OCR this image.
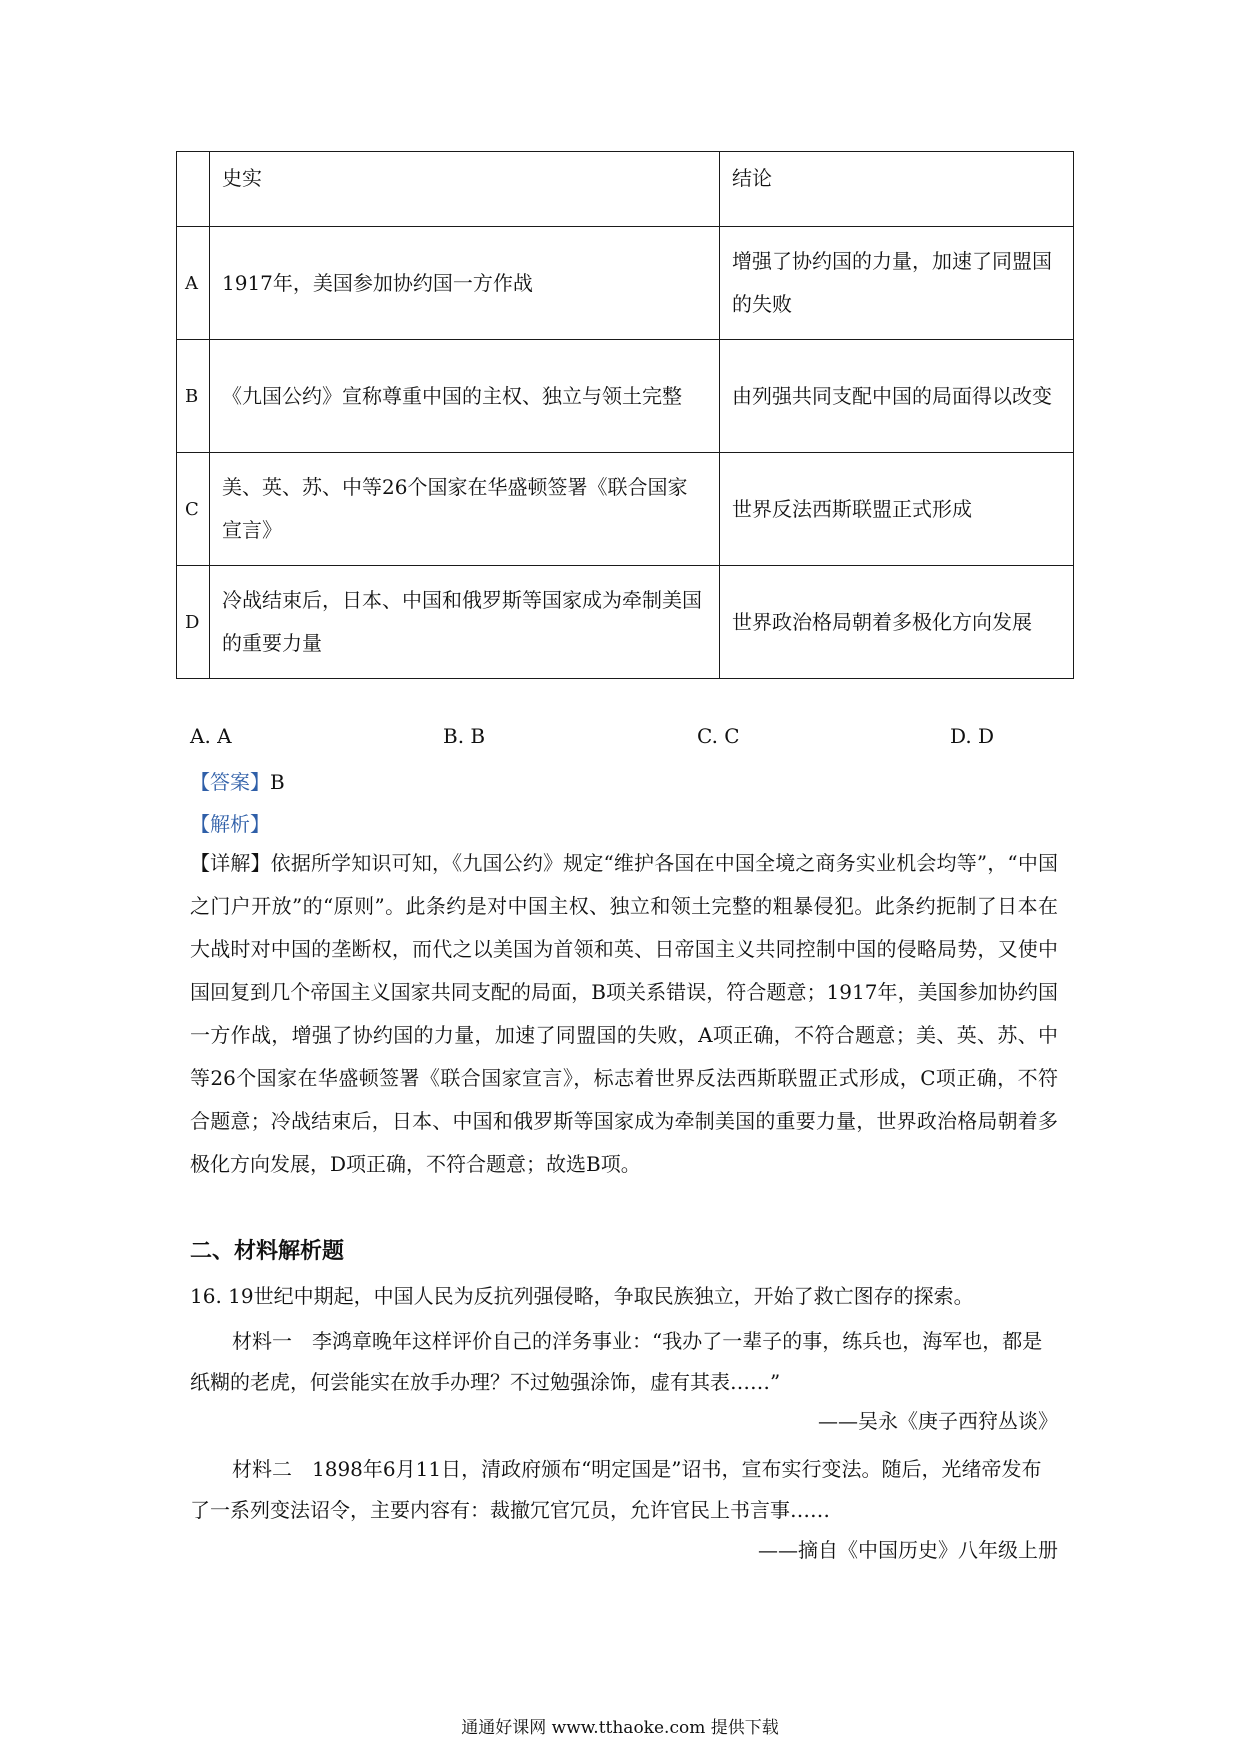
	史实	结论
A	1917年，美国参加协约国一方作战	增强了协约国的力量，加速了同盟国的失败
B	《九国公约》宣称尊重中国的主权、独立与领土完整	由列强共同支配中国的局面得以改变
C	美、英、苏、中等26个国家在华盛顿签署《联合国家宣言》	世界反法西斯联盟正式形成
D	冷战结束后，日本、中国和俄罗斯等国家成为牵制美国的重要力量	世界政治格局朝着多极化方向发展
A. A	B. B	C. C	D. D
【答案】B
【解析】

【详解】依据所学知识可知，《九国公约》规定“维护各国在中国全境之商务实业机会均等”，“中国之门户开放”的“原则”。此条约是对中国主权、独立和领土完整的粗暴侵犯。此条约扼制了日本在大战时对中国的垄断权，而代之以美国为首领和英、日帝国主义共同控制中国的侵略局势，又使中国回复到几个帝国主义国家共同支配的局面，B项关系错误，符合题意；1917年，美国参加协约国一方作战，增强了协约国的力量，加速了同盟国的失败，A项正确，不符合题意；美、英、苏、中等26个国家在华盛顿签署《联合国家宣言》，标志着世界反法西斯联盟正式形成，C项正确，不符合题意；冷战结束后，日本、中国和俄罗斯等国家成为牵制美国的重要力量，世界政治格局朝着多极化方向发展，D项正确，不符合题意；故选B项。

二、材料解析题
16. 19世纪中期起，中国人民为反抗列强侵略，争取民族独立，开始了救亡图存的探索。

材料一　李鸿章晚年这样评价自己的洋务事业：“我办了一辈子的事，练兵也，海军也，都是纸糊的老虎，何尝能实在放手办理？不过勉强涂饰，虚有其表……”

——吴永《庚子西狩丛谈》

材料二　1898年6月11日，清政府颁布“明定国是”诏书，宣布实行变法。随后，光绪帝发布了一系列变法诏令，主要内容有：裁撤冗官冗员，允许官民上书言事……

——摘自《中国历史》八年级上册
通通好课网 www.tthaoke.com 提供下载
